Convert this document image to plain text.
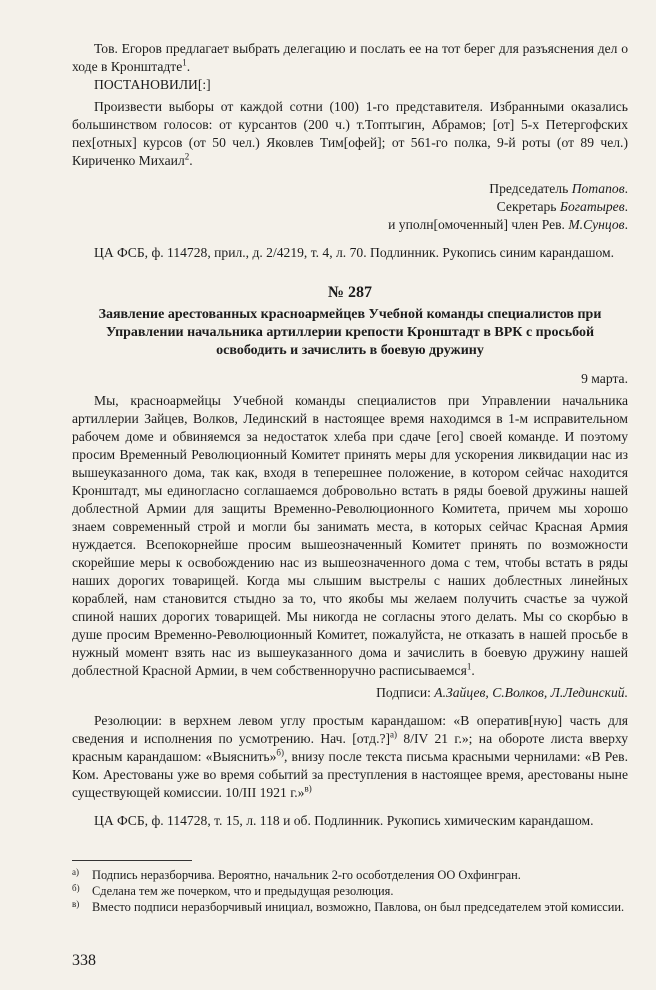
Тов. Егоров предлагает выбрать делегацию и послать ее на тот берег для разъяснения дел о ходе в Кронштадте$^1$.

ПОСТАНОВИЛИ[:]

Произвести выборы от каждой сотни (100) 1-го представителя. Избранными оказались большинством голосов: от курсантов (200 ч.) т.Топтыгин, Абрамов; [от] 5-х Петергофских пех[отных] курсов (от 50 чел.) Яковлев Тим[офей]; от 561-го полка, 9-й роты (от 89 чел.) Кириченко Михаил$^2$.

Председатель Потапов.

Секретарь Богатырев.

и уполн[омоченный] член Рев. М.Сунцов.

ЦА ФСБ, ф. 114728, прил., д. 2/4219, т. 4, л. 70. Подлинник. Рукопись синим карандашом.

№ 287
Заявление арестованных красноармейцев Учебной команды специалистов при Управлении начальника артиллерии крепости Кронштадт в ВРК с просьбой освободить и зачислить в боевую дружину

9 марта.

Мы, красноармейцы Учебной команды специалистов при Управлении начальника артиллерии Зайцев, Волков, Лединский в настоящее время находимся в 1-м исправительном рабочем доме и обвиняемся за недостаток хлеба при сдаче [его] своей команде. И поэтому просим Временный Революционный Комитет принять меры для ускорения ликвидации нас из вышеуказанного дома, так как, входя в теперешнее положение, в котором сейчас находится Кронштадт, мы единогласно соглашаемся добровольно встать в ряды боевой дружины нашей доблестной Армии для защиты Временно-Революционного Комитета, причем мы хорошо знаем современный строй и могли бы занимать места, в которых сейчас Красная Армия нуждается. Всепокорнейше просим вышеозначенный Комитет принять по возможности скорейшие меры к освобождению нас из вышеозначенного дома с тем, чтобы встать в ряды наших дорогих товарищей. Когда мы слышим выстрелы с наших доблестных линейных кораблей, нам становится стыдно за то, что якобы мы желаем получить счастье за чужой спиной наших дорогих товарищей. Мы никогда не согласны этого делать. Мы со скорбью в душе просим Временно-Революционный Комитет, пожалуйста, не отказать в нашей просьбе в нужный момент взять нас из вышеуказанного дома и зачислить в боевую дружину нашей доблестной Красной Армии, в чем собственноручно расписываемся$^1$.

Подписи: А.Зайцев, С.Волков, Л.Лединский.

Резолюции: в верхнем левом углу простым карандашом: «В оператив[ную] часть для сведения и исполнения по усмотрению. Нач. [отд.?]$^{а)}$ 8/IV 21 г.»; на обороте листа вверху красным карандашом: «Выяснить»$^{б)}$, внизу после текста письма красными чернилами: «В Рев. Ком. Арестованы уже во время событий за преступления в настоящее время, арестованы ныне существующей комиссии. 10/III 1921 г.»$^{в)}$

ЦА ФСБ, ф. 114728, т. 15, л. 118 и об. Подлинник. Рукопись химическим карандашом.

а) Подпись неразборчива. Вероятно, начальник 2-го особотделения ОО Охфингран.

б) Сделана тем же почерком, что и предыдущая резолюция.

в) Вместо подписи неразборчивый инициал, возможно, Павлова, он был председателем этой комиссии.

338
